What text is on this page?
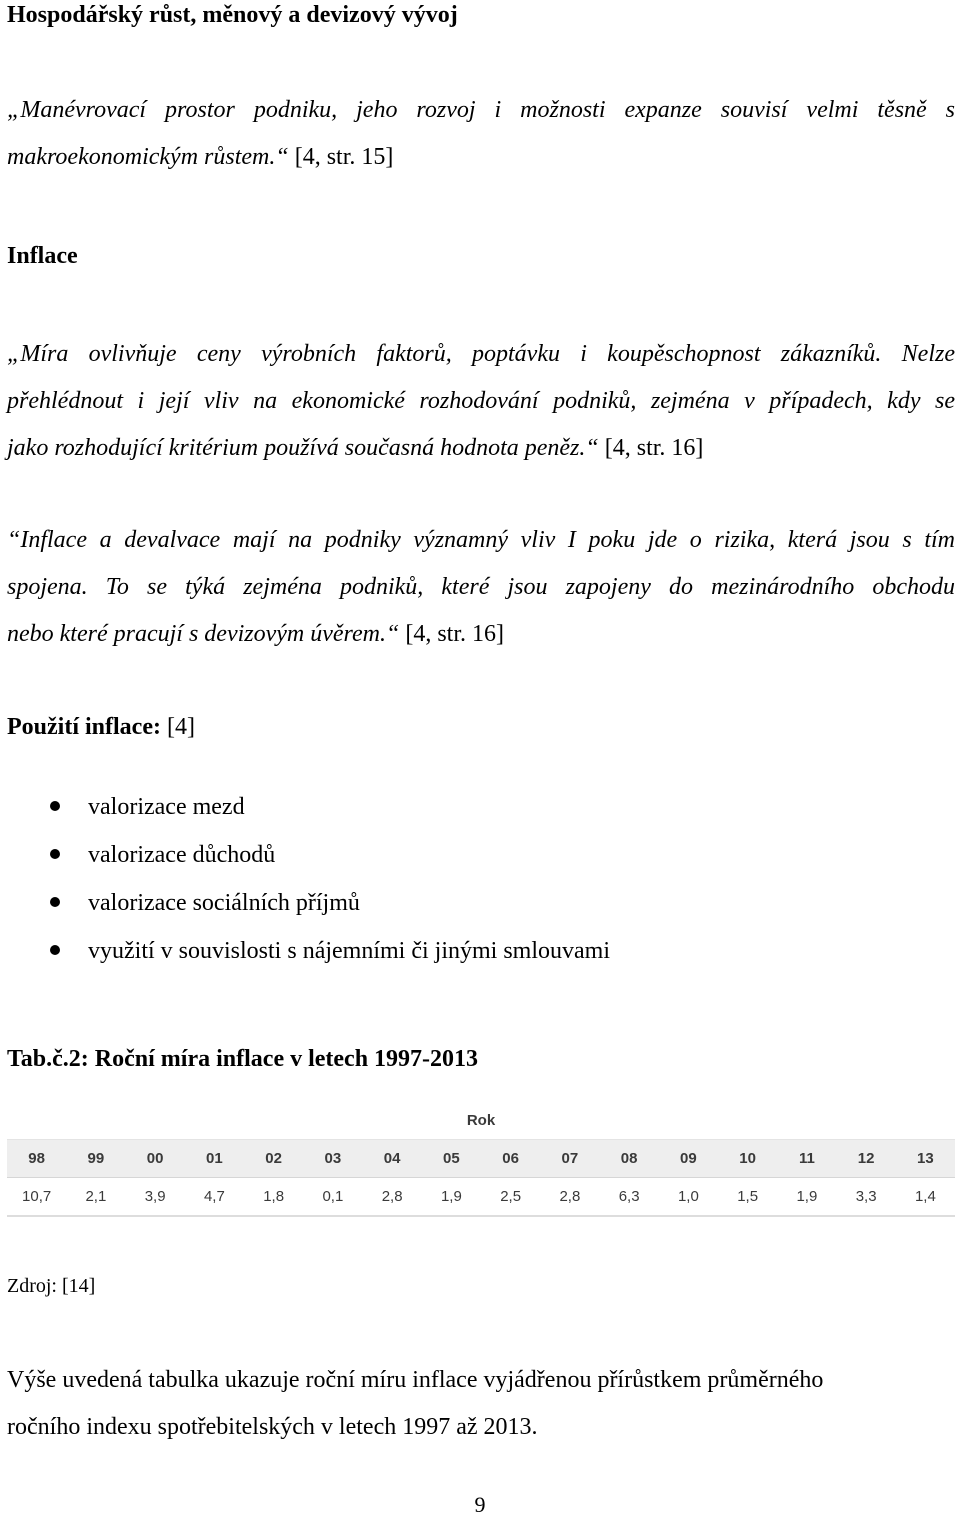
Hospodářský růst, měnový a devizový vývoj
„Manévrovací prostor podniku, jeho rozvoj i možnosti expanze souvisí velmi těsně s
makroekonomickým růstem.“ [4, str. 15]
Inflace
„Míra ovlivňuje ceny výrobních faktorů, poptávku i koupěschopnost zákazníků. Nelze
přehlédnout i její vliv na ekonomické rozhodování podniků, zejména v případech, kdy se
jako rozhodující kritérium používá současná hodnota peněz.“ [4, str. 16]
“Inflace a devalvace mají na podniky významný vliv I poku jde o rizika, která jsou s tím
spojena. To se týká zejména podniků, které jsou zapojeny do mezinárodního obchodu
nebo které pracují s devizovým úvěrem.“ [4, str. 16]
Použití inflace: [4]
valorizace mezd
valorizace důchodů
valorizace sociálních příjmů
využití v souvislosti s nájemními či jinými smlouvami
Tab.č.2: Roční míra inflace v letech 1997-2013
Rok
98	99	00	01	02	03	04	05	06	07	08	09	10	11	12	13
10,7	2,1	3,9	4,7	1,8	0,1	2,8	1,9	2,5	2,8	6,3	1,0	1,5	1,9	3,3	1,4
Zdroj: [14]
Výše uvedená tabulka ukazuje roční míru inflace vyjádřenou přírůstkem průměrného
ročního indexu spotřebitelských v letech 1997 až 2013.
9
